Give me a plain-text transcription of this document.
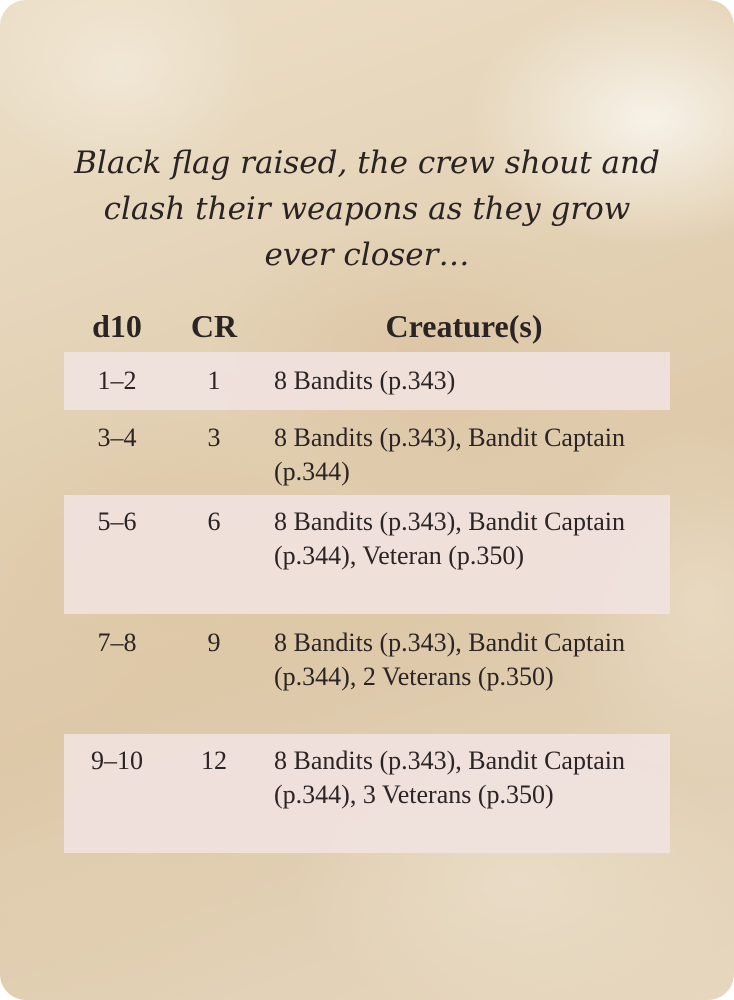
Black flag raised, the crew shout and clash their weapons as they grow ever closer…

d10	CR	Creature(s)
1–2	1	8 Bandits (p.343)
3–4	3	8 Bandits (p.343), Bandit Captain (p.344)
5–6	6	8 Bandits (p.343), Bandit Captain (p.344), Veteran (p.350)
7–8	9	8 Bandits (p.343), Bandit Captain (p.344), 2 Veterans (p.350)
9–10	12	8 Bandits (p.343), Bandit Captain (p.344), 3 Veterans (p.350)
